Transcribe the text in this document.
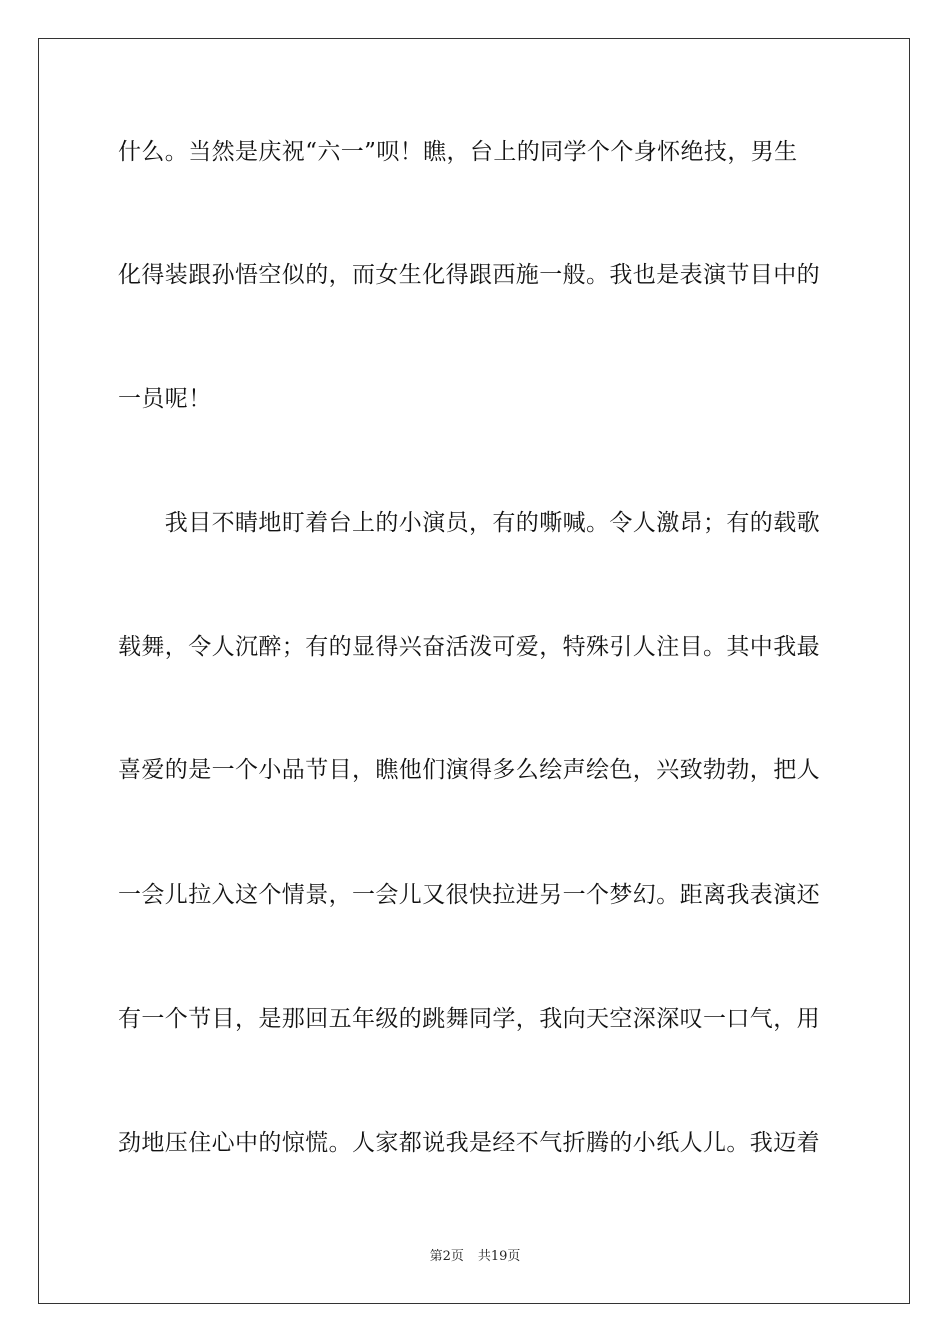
什么。当然是庆祝“六一”呗！瞧，台上的同学个个身怀绝技，男生
化得装跟孙悟空似的，而女生化得跟西施一般。我也是表演节目中的
一员呢！
　　我目不睛地盯着台上的小演员，有的嘶喊。令人激昂；有的载歌
载舞，令人沉醉；有的显得兴奋活泼可爱，特殊引人注目。其中我最
喜爱的是一个小品节目，瞧他们演得多么绘声绘色，兴致勃勃，把人
一会儿拉入这个情景，一会儿又很快拉进另一个梦幻。距离我表演还
有一个节目，是那回五年级的跳舞同学，我向天空深深叹一口气，用
劲地压住心中的惊慌。人家都说我是经不气折腾的小纸人儿。我迈着
第2页 共19页
